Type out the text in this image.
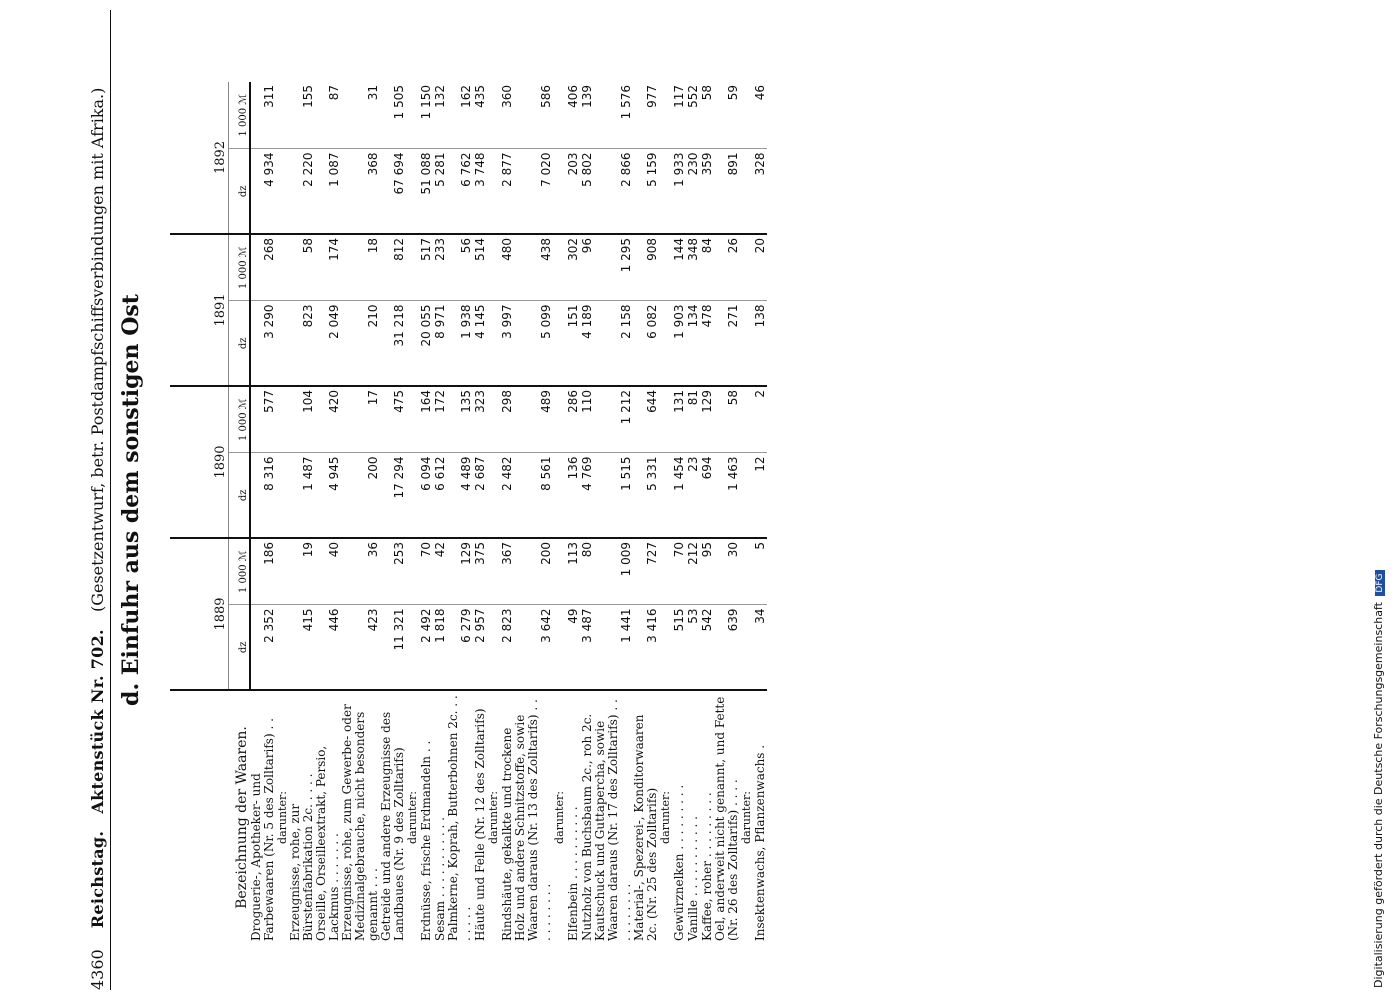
4360 Reichstag. Aktenstück Nr. 702. (Gesetzentwurf, betr. Postdampfschiffsverbindungen mit Afrika.) d. Einfuhr aus dem sonstigen Ost
Bezeichnung der Waaren.	1889		1890		1891		1892	
	dz	1 000 ℳ	dz	1 000 ℳ	dz	1 000 ℳ	dz	1 000 ℳ
Droguerie-, Apotheker- und Farbewaaren (Nr. 5 des Zolltarifs) . .	2 352	186	8 316	577	3 290	268	4 934	311
darunter:								
Erzeugnisse, rohe, zur Bürstenfabrikation 2c. . . . .	415	19	1 487	104	823	58	2 220	155
Orseille, Orseilleextrakt, Persio, Lackmus . . . . . . .	446	40	4 945	420	2 049	174	1 087	87
Erzeugnisse, rohe, zum Gewerbe- oder Medizinalgebrauche, nicht besonders genannt . . .	423	36	200	17	210	18	368	31
Getreide und andere Erzeugnisse des Landbaues (Nr. 9 des Zolltarifs)	11 321	253	17 294	475	31 218	812	67 694	1 505
darunter:								
Erdnüsse, frische Erdmandeln . .	2 492	70	6 094	164	20 055	517	51 088	1 150
Sesam . . . . . . . . . . .	1 818	42	6 612	172	8 971	233	5 281	132
Palmkerne, Koprah, Butterbohnen 2c. . . . . . . .	6 279	129	4 489	135	1 938	56	6 762	162
Häute und Felle (Nr. 12 des Zolltarifs)	2 957	375	2 687	323	4 145	514	3 748	435
darunter:								
Rindshäute, gekalkte und trockene	2 823	367	2 482	298	3 997	480	2 877	360
Holz und andere Schnitzstoffe, sowie Waaren daraus (Nr. 13 des Zolltarifs) . . . . . . . . . .	3 642	200	8 561	489	5 099	438	7 020	586
darunter:								
Elfenbein . . . . . . . . . .	49	113	136	286	151	302	203	406
Nutzholz von Buchsbaum 2c., roh 2c.	3 487	80	4 769	110	4 189	96	5 802	139
Kautschuck und Guttapercha, sowie Waaren daraus (Nr. 17 des Zolltarifs) . . . . . . . . . .	1 441	1 009	1 515	1 212	2 158	1 295	2 866	1 576
Material-, Spezerei-, Konditorwaaren 2c. (Nr. 25 des Zolltarifs)	3 416	727	5 331	644	6 082	908	5 159	977
darunter:								
Gewürznelken . . . . . . . . .	515	70	1 454	131	1 903	144	1 933	117
Vanille . . . . . . . . . . .	53	212	23	81	134	348	230	552
Kaffee, roher . . . . . . . . .	542	95	694	129	478	84	359	58
Oel, anderweit nicht genannt, und Fette (Nr. 26 des Zolltarifs) . . . .	639	30	1 463	58	271	26	891	59
darunter:								
Insektenwachs, Pflanzenwachs .	34	5	12	2	138	20	328	46
Digitalisierung gefördert durch die Deutsche Forschungsgemeinschaft DFG
